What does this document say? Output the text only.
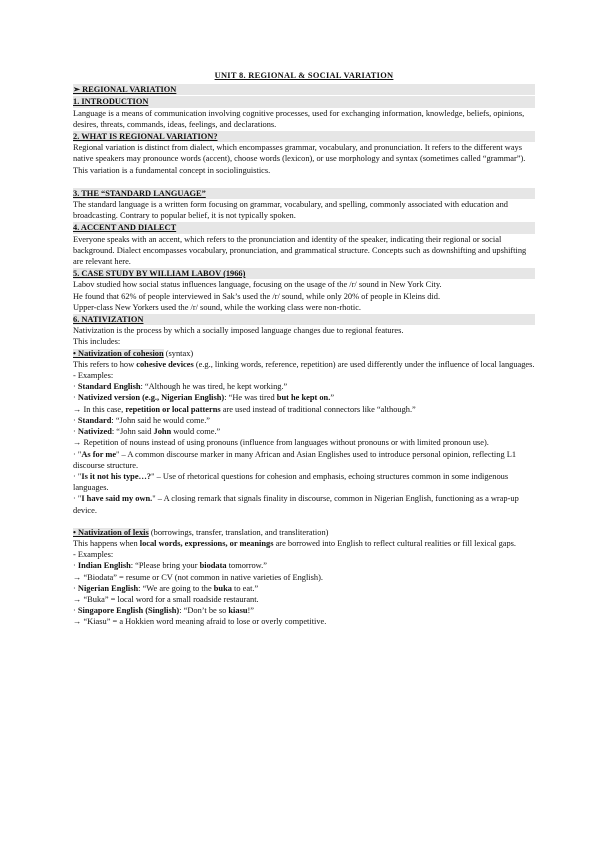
UNIT 8. REGIONAL & SOCIAL VARIATION
➢ REGIONAL VARIATION
1. INTRODUCTION
Language is a means of communication involving cognitive processes, used for exchanging information, knowledge, beliefs, opinions, desires, threats, commands, ideas, feelings, and declarations.
2. WHAT IS REGIONAL VARIATION?
Regional variation is distinct from dialect, which encompasses grammar, vocabulary, and pronunciation. It refers to the different ways native speakers may pronounce words (accent), choose words (lexicon), or use morphology and syntax (sometimes called “grammar”). This variation is a fundamental concept in sociolinguistics.
3. THE “STANDARD LANGUAGE”
The standard language is a written form focusing on grammar, vocabulary, and spelling, commonly associated with education and broadcasting. Contrary to popular belief, it is not typically spoken.
4. ACCENT AND DIALECT
Everyone speaks with an accent, which refers to the pronunciation and identity of the speaker, indicating their regional or social background. Dialect encompasses vocabulary, pronunciation, and grammatical structure. Concepts such as downshifting and upshifting are relevant here.
5. CASE STUDY BY WILLIAM LABOV (1966)
Labov studied how social status influences language, focusing on the usage of the /r/ sound in New York City.
He found that 62% of people interviewed in Sak’s used the /r/ sound, while only 20% of people in Kleins did.
Upper-class New Yorkers used the /r/ sound, while the working class were non-rhotic.
6. NATIVIZATION
Nativization is the process by which a socially imposed language changes due to regional features.
This includes:
• Nativization of cohesion (syntax)
This refers to how cohesive devices (e.g., linking words, reference, repetition) are used differently under the influence of local languages.
- Examples:
· Standard English: “Although he was tired, he kept working.”
· Nativized version (e.g., Nigerian English): “He was tired but he kept on.”
→ In this case, repetition or local patterns are used instead of traditional connectors like “although.”
· Standard: “John said he would come.”
· Nativized: “John said John would come.”
→ Repetition of nouns instead of using pronouns (influence from languages without pronouns or with limited pronoun use).
· "As for me" – A common discourse marker in many African and Asian Englishes used to introduce personal opinion, reflecting L1 discourse structure.
· "Is it not his type…?" – Use of rhetorical questions for cohesion and emphasis, echoing structures common in some indigenous languages.
· "I have said my own." – A closing remark that signals finality in discourse, common in Nigerian English, functioning as a wrap-up device.
• Nativization of lexis (borrowings, transfer, translation, and transliteration)
This happens when local words, expressions, or meanings are borrowed into English to reflect cultural realities or fill lexical gaps.
- Examples:
· Indian English: “Please bring your biodata tomorrow.”
→ “Biodata” = resume or CV (not common in native varieties of English).
· Nigerian English: “We are going to the buka to eat.”
→ “Buka” = local word for a small roadside restaurant.
· Singapore English (Singlish): “Don’t be so kiasu!”
→ “Kiasu” = a Hokkien word meaning afraid to lose or overly competitive.
